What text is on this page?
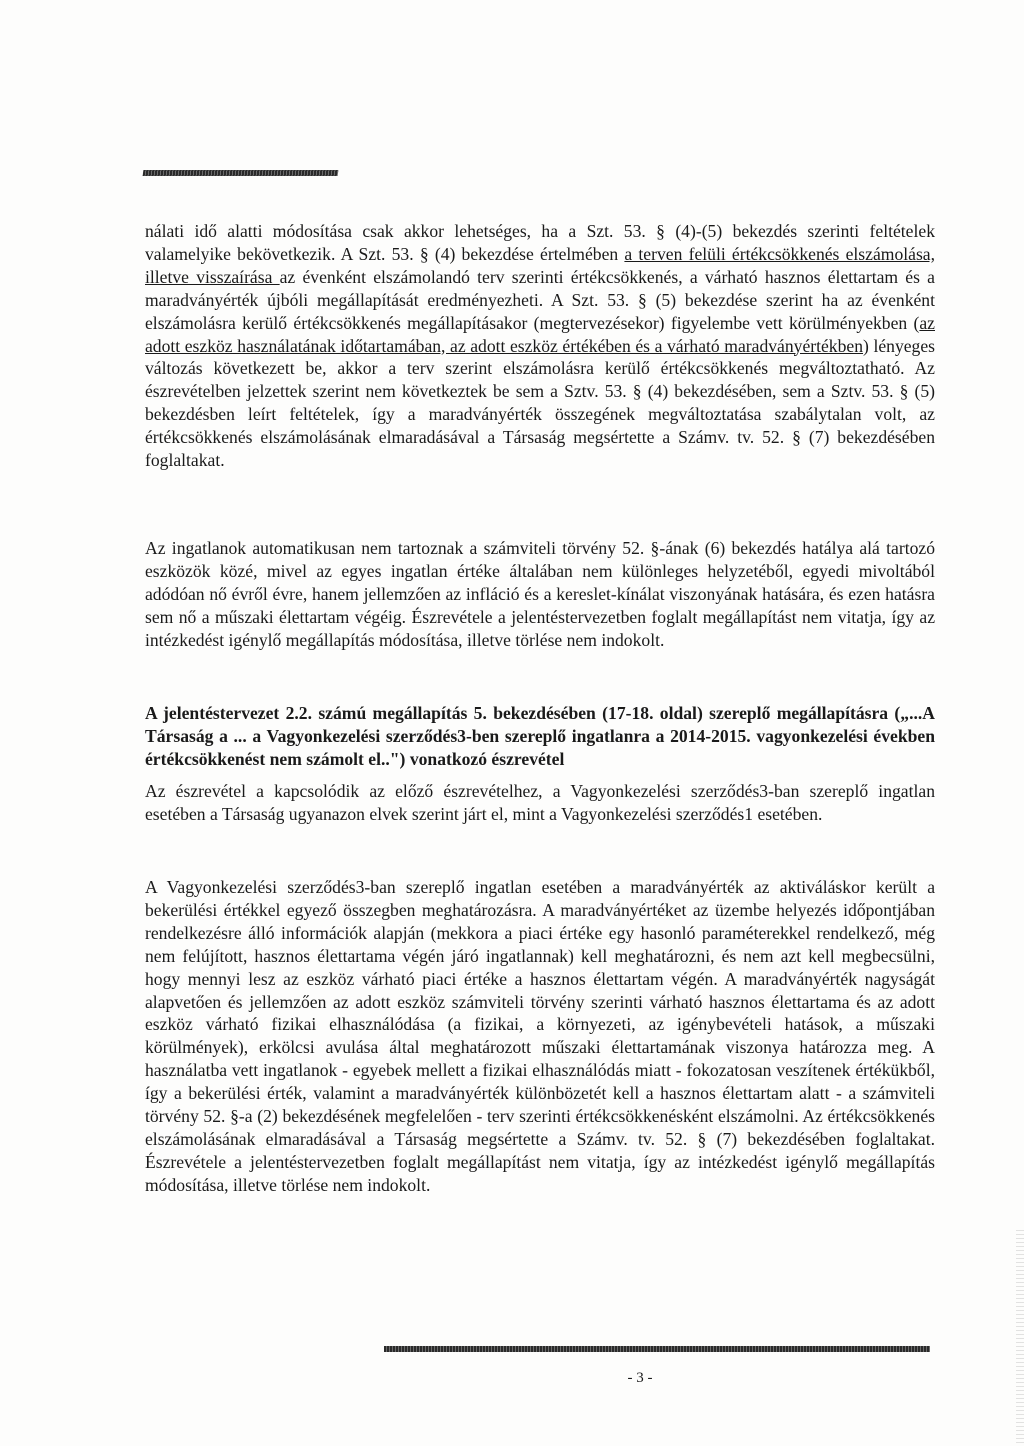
nálati idő alatti módosítása csak akkor lehetséges, ha a Szt. 53. § (4)-(5) bekezdés szerinti feltételek valamelyike bekövetkezik. A Szt. 53. § (4) bekezdése értelmében a terven felüli értékcsökkenés elszámolása, illetve visszaírása az évenként elszámolandó terv szerinti értékcsökkenés, a várható hasznos élettartam és a maradványérték újbóli megállapítását eredményezheti. A Szt. 53. § (5) bekezdése szerint ha az évenként elszámolásra kerülő értékcsökkenés megállapításakor (megtervezésekor) figyelembe vett körülményekben (az adott eszköz használatának időtartamában, az adott eszköz értékében és a várható maradványértékben) lényeges változás következett be, akkor a terv szerint elszámolásra kerülő értékcsökkenés megváltoztatható. Az észrevételben jelzettek szerint nem következtek be sem a Sztv. 53. § (4) bekezdésében, sem a Sztv. 53. § (5) bekezdésben leírt feltételek, így a maradványérték összegének megváltoztatása szabálytalan volt, az értékcsökkenés elszámolásának elmaradásával a Társaság megsértette a Számv. tv. 52. § (7) bekezdésében foglaltakat.

Az ingatlanok automatikusan nem tartoznak a számviteli törvény 52. §-ának (6) bekezdés hatálya alá tartozó eszközök közé, mivel az egyes ingatlan értéke általában nem különleges helyzetéből, egyedi mivoltából adódóan nő évről évre, hanem jellemzően az infláció és a kereslet-kínálat viszonyának hatására, és ezen hatásra sem nő a műszaki élettartam végéig. Észrevétele a jelentéstervezetben foglalt megállapítást nem vitatja, így az intézkedést igénylő megállapítás módosítása, illetve törlése nem indokolt.

A jelentéstervezet 2.2. számú megállapítás 5. bekezdésében (17-18. oldal) szereplő megállapításra („...A Társaság a ... a Vagyonkezelési szerződés3-ben szereplő ingatlanra a 2014-2015. vagyonkezelési években értékcsökkenést nem számolt el..") vonatkozó észrevétel

Az észrevétel a kapcsolódik az előző észrevételhez, a Vagyonkezelési szerződés3-ban szereplő ingatlan esetében a Társaság ugyanazon elvek szerint járt el, mint a Vagyonkezelési szerződés1 esetében.

A Vagyonkezelési szerződés3-ban szereplő ingatlan esetében a maradványérték az aktiváláskor került a bekerülési értékkel egyező összegben meghatározásra. A maradványértéket az üzembe helyezés időpontjában rendelkezésre álló információk alapján (mekkora a piaci értéke egy hasonló paraméterekkel rendelkező, még nem felújított, hasznos élettartama végén járó ingatlannak) kell meghatározni, és nem azt kell megbecsülni, hogy mennyi lesz az eszköz várható piaci értéke a hasznos élettartam végén. A maradványérték nagyságát alapvetően és jellemzően az adott eszköz számviteli törvény szerinti várható hasznos élettartama és az adott eszköz várható fizikai elhasználódása (a fizikai, a környezeti, az igénybevételi hatások, a műszaki körülmények), erkölcsi avulása által meghatározott műszaki élettartamának viszonya határozza meg. A használatba vett ingatlanok - egyebek mellett a fizikai elhasználódás miatt - fokozatosan veszítenek értékükből, így a bekerülési érték, valamint a maradványérték különbözetét kell a hasznos élettartam alatt - a számviteli törvény 52. §-a (2) bekezdésének megfelelően - terv szerinti értékcsökkenésként elszámolni. Az értékcsökkenés elszámolásának elmaradásával a Társaság megsértette a Számv. tv. 52. § (7) bekezdésében foglaltakat. Észrevétele a jelentéstervezetben foglalt megállapítást nem vitatja, így az intézkedést igénylő megállapítás módosítása, illetve törlése nem indokolt.

- 3 -
